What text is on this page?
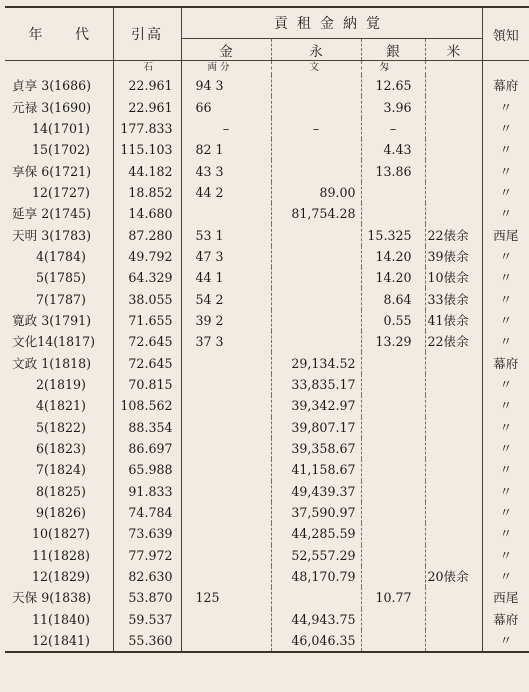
年 代	引高	貢租金納覚				領知
		金	永	銀	米	
	石	両 分	文	匁		
貞享 3(1686)	22.961	94 3		12.65		幕府
元禄 3(1690)	22.961	66		3.96		〃
14(1701)	177.833	–	–	–		〃
15(1702)	115.103	82 1		4.43		〃
享保 6(1721)	44.182	43 3		13.86		〃
12(1727)	18.852	44 2	89.00			〃
延享 2(1745)	14.680		81,754.28			〃
天明 3(1783)	87.280	53 1		15.325	22俵余	西尾
4(1784)	49.792	47 3		14.20	39俵余	〃
5(1785)	64.329	44 1		14.20	10俵余	〃
7(1787)	38.055	54 2		8.64	33俵余	〃
寛政 3(1791)	71.655	39 2		0.55	41俵余	〃
文化14(1817)	72.645	37 3		13.29	22俵余	〃
文政 1(1818)	72.645		29,134.52			幕府
2(1819)	70.815		33,835.17			〃
4(1821)	108.562		39,342.97			〃
5(1822)	88.354		39,807.17			〃
6(1823)	86.697		39,358.67			〃
7(1824)	65.988		41,158.67			〃
8(1825)	91.833		49,439.37			〃
9(1826)	74.784		37,590.97			〃
10(1827)	73.639		44,285.59			〃
11(1828)	77.972		52,557.29			〃
12(1829)	82.630		48,170.79		20俵余	〃
天保 9(1838)	53.870	125		10.77		西尾
11(1840)	59.537		44,943.75			幕府
12(1841)	55.360		46,046.35			〃
